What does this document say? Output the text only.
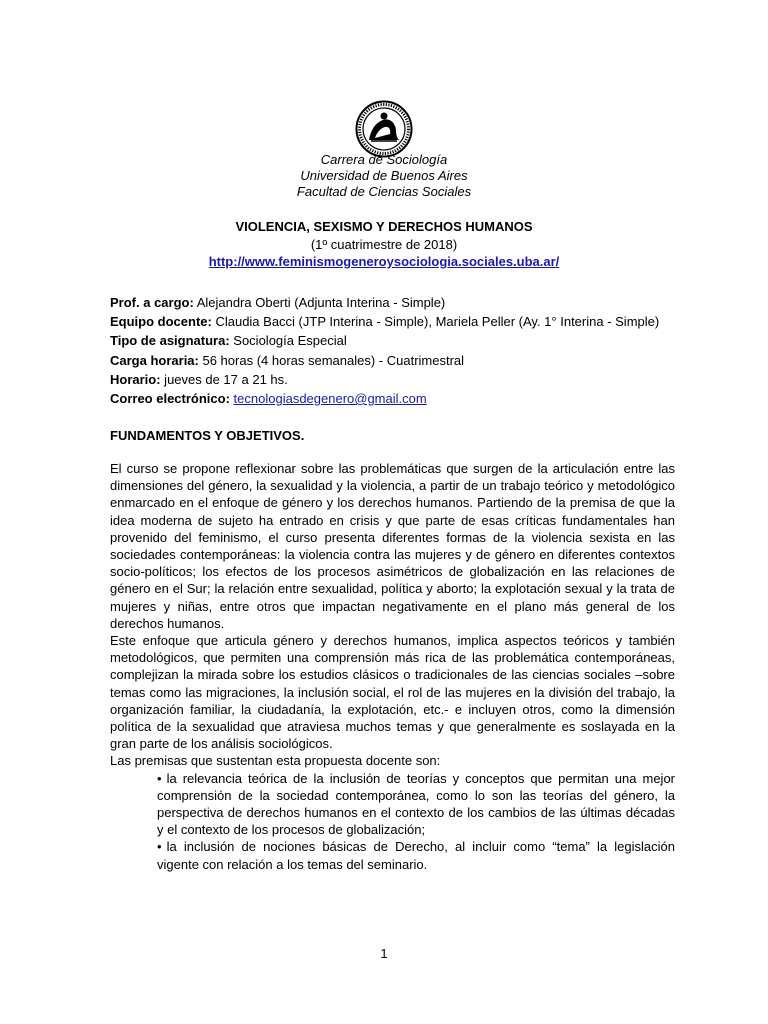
Carrera de Sociología
Universidad de Buenos Aires
Facultad de Ciencias Sociales
VIOLENCIA, SEXISMO Y DERECHOS HUMANOS
(1º cuatrimestre de 2018)
http://www.feminismogeneroysociologia.sociales.uba.ar/
Prof. a cargo: Alejandra Oberti (Adjunta Interina - Simple)
Equipo docente: Claudia Bacci (JTP Interina - Simple), Mariela Peller (Ay. 1° Interina - Simple)
Tipo de asignatura: Sociología Especial
Carga horaria: 56 horas (4 horas semanales) - Cuatrimestral
Horario: jueves de 17 a 21 hs.
Correo electrónico: tecnologiasdegenero@gmail.com
FUNDAMENTOS Y OBJETIVOS.

El curso se propone reflexionar sobre las problemáticas que surgen de la articulación entre las dimensiones del género, la sexualidad y la violencia, a partir de un trabajo teórico y metodológico enmarcado en el enfoque de género y los derechos humanos. Partiendo de la premisa de que la idea moderna de sujeto ha entrado en crisis y que parte de esas críticas fundamentales han provenido del feminismo, el curso presenta diferentes formas de la violencia sexista en las sociedades contemporáneas: la violencia contra las mujeres y de género en diferentes contextos socio-políticos; los efectos de los procesos asimétricos de globalización en las relaciones de género en el Sur; la relación entre sexualidad, política y aborto; la explotación sexual y la trata de mujeres y niñas, entre otros que impactan negativamente en el plano más general de los derechos humanos.

Este enfoque que articula género y derechos humanos, implica aspectos teóricos y también metodológicos, que permiten una comprensión más rica de las problemática contemporáneas, complejizan la mirada sobre los estudios clásicos o tradicionales de las ciencias sociales –sobre temas como las migraciones, la inclusión social, el rol de las mujeres en la división del trabajo, la organización familiar, la ciudadanía, la explotación, etc.- e incluyen otros, como la dimensión política de la sexualidad que atraviesa muchos temas y que generalmente es soslayada en la gran parte de los análisis sociológicos.

Las premisas que sustentan esta propuesta docente son:

• la relevancia teórica de la inclusión de teorías y conceptos que permitan una mejor comprensión de la sociedad contemporánea, como lo son las teorías del género, la perspectiva de derechos humanos en el contexto de los cambios de las últimas décadas y el contexto de los procesos de globalización;
• la inclusión de nociones básicas de Derecho, al incluir como “tema” la legislación vigente con relación a los temas del seminario.
1
